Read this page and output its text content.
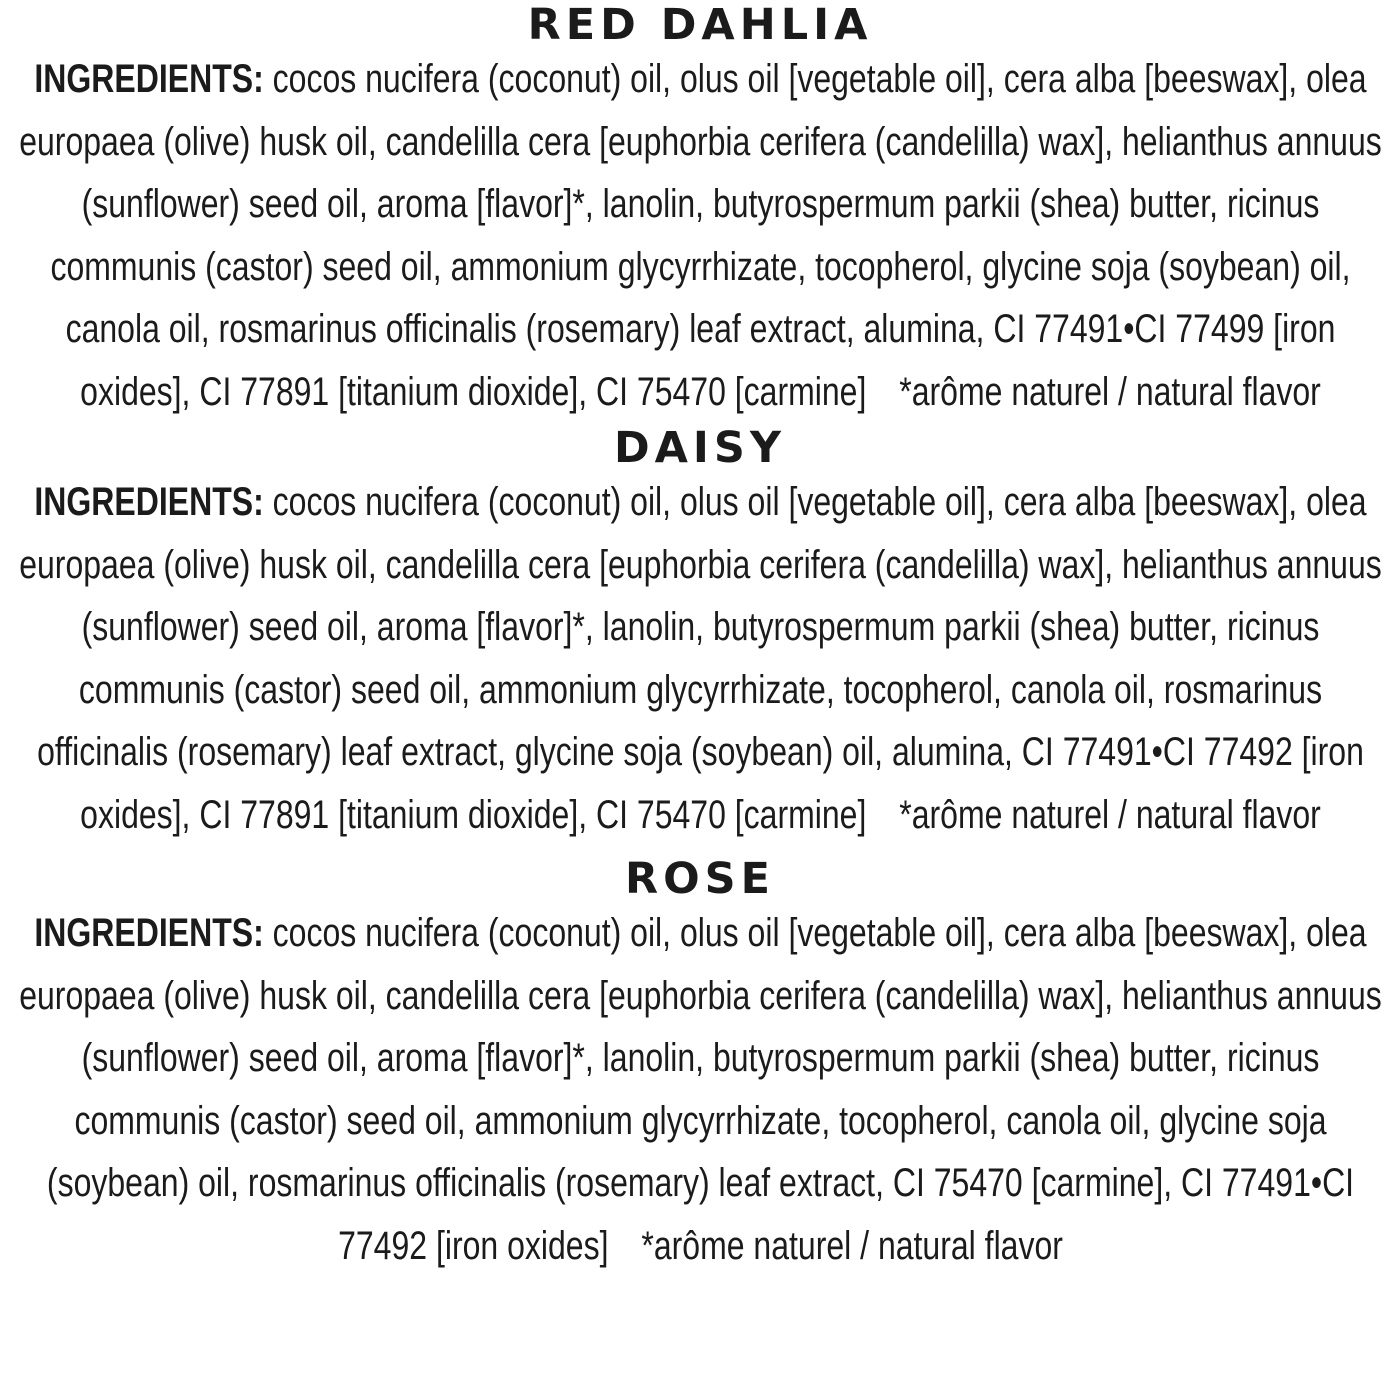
RED DAHLIA

INGREDIENTS: cocos nucifera (coconut) oil, olus oil [vegetable oil], cera alba [beeswax], olea europaea (olive) husk oil, candelilla cera [euphorbia cerifera (candelilla) wax], helianthus annuus (sunflower) seed oil, aroma [flavor]*, lanolin, butyrospermum parkii (shea) butter, ricinus communis (castor) seed oil, ammonium glycyrrhizate, tocopherol, glycine soja (soybean) oil, canola oil, rosmarinus officinalis (rosemary) leaf extract, alumina, CI 77491•CI 77499 [iron oxides], CI 77891 [titanium dioxide], CI 75470 [carmine] *arôme naturel / natural flavor

DAISY

INGREDIENTS: cocos nucifera (coconut) oil, olus oil [vegetable oil], cera alba [beeswax], olea europaea (olive) husk oil, candelilla cera [euphorbia cerifera (candelilla) wax], helianthus annuus (sunflower) seed oil, aroma [flavor]*, lanolin, butyrospermum parkii (shea) butter, ricinus communis (castor) seed oil, ammonium glycyrrhizate, tocopherol, canola oil, rosmarinus officinalis (rosemary) leaf extract, glycine soja (soybean) oil, alumina, CI 77491•CI 77492 [iron oxides], CI 77891 [titanium dioxide], CI 75470 [carmine] *arôme naturel / natural flavor

ROSE

INGREDIENTS: cocos nucifera (coconut) oil, olus oil [vegetable oil], cera alba [beeswax], olea europaea (olive) husk oil, candelilla cera [euphorbia cerifera (candelilla) wax], helianthus annuus (sunflower) seed oil, aroma [flavor]*, lanolin, butyrospermum parkii (shea) butter, ricinus communis (castor) seed oil, ammonium glycyrrhizate, tocopherol, canola oil, glycine soja (soybean) oil, rosmarinus officinalis (rosemary) leaf extract, CI 75470 [carmine], CI 77491•CI 77492 [iron oxides] *arôme naturel / natural flavor
